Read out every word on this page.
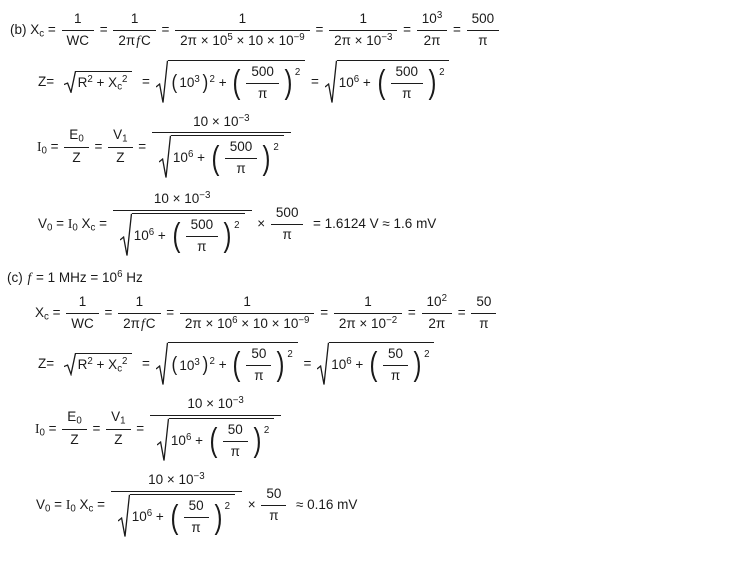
(b) $X_c = \frac{1}{WC} = \frac{1}{\text{2πfC}} = \frac{1}{2\pi \times 10^5 \times 10 \times 10^{-9}} = \frac{1}{2\pi \times 10^{-3}} = \frac{10^3}{2\pi} = \frac{500}{\pi}$
$Z= R^2 + X_c^2$ = ( $10^3$ ) $^2$ + ( $\frac{500}{\pi}$ ) $^2$
= $10^6$ + ( $\frac{500}{\pi}$ ) $^2$
$I_0 = \frac{E_0}{Z} = \frac{V_1}{Z} = \frac{10 \times 10^{-3}}{10^6 + ( \frac{500}{\pi} ) ^2}$
$V_0 = I_0$ $X_c = \frac{10 \times 10^{-3}}{10^6 + ( \frac{500}{\pi} ) ^2} \times \frac{500}{\pi} = 1.6124$ V ≈ 1.6 mV
(c) f = 1 MHz = $10^6$ Hz
$X_c = \frac{1}{WC} = \frac{1}{\text{2πfC}} = \frac{1}{2\pi \times 10^6 \times 10 \times 10^{-9}} = \frac{1}{2\pi \times 10^{-2}} = \frac{10^2}{2\pi} = \frac{50}{\pi}$
$Z= R^2 + X_c^2$ = ( $10^3$ ) $^2$ + ( $\frac{50}{\pi}$ ) $^2$
= $10^6$ + ( $\frac{50}{\pi}$ ) $^2$
$I_0 = \frac{E_0}{Z} = \frac{V_1}{Z} = \frac{10 \times 10^{-3}}{10^6 + ( \frac{50}{\pi} ) ^2}$
$V_0 = I_0$ $X_c = \frac{10 \times 10^{-3}}{10^6 + ( \frac{50}{\pi} ) ^2} \times \frac{50}{\pi} \approx 0.16$ mV
